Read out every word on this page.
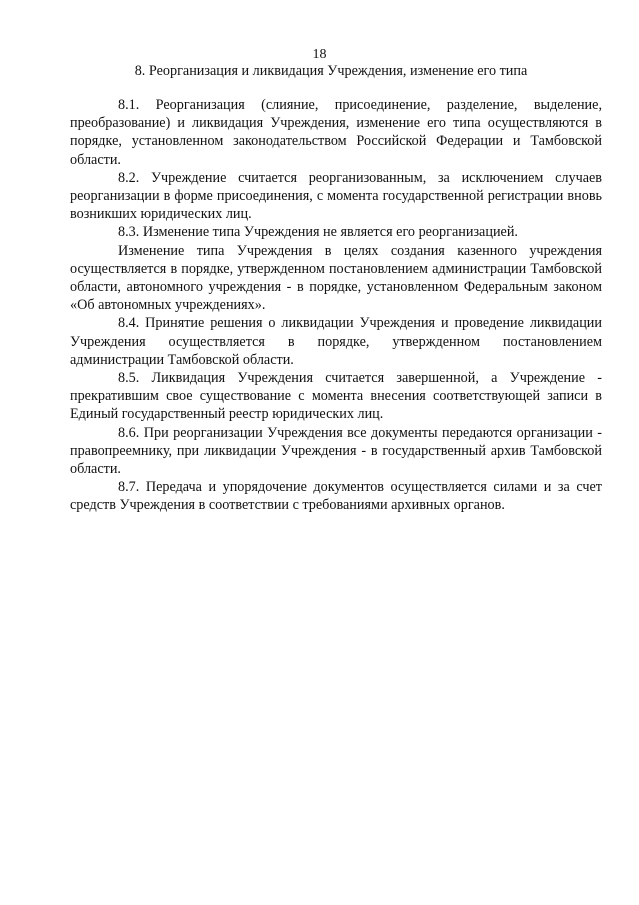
18
8. Реорганизация и ликвидация Учреждения, изменение его типа

8.1. Реорганизация (слияние, присоединение, разделение, выделение, преобразование) и ликвидация Учреждения, изменение его типа осуществляются в порядке, установленном законодательством Российской Федерации и Тамбовской области.

8.2. Учреждение считается реорганизованным, за исключением случаев реорганизации в форме присоединения, с момента государственной регистрации вновь возникших юридических лиц.

8.3. Изменение типа Учреждения не является его реорганизацией.

Изменение типа Учреждения в целях создания казенного учреждения осуществляется в порядке, утвержденном постановлением администрации Тамбовской области, автономного учреждения - в порядке, установленном Федеральным законом «Об автономных учреждениях».

8.4. Принятие решения о ликвидации Учреждения и проведение ликвидации Учреждения осуществляется в порядке, утвержденном постановлением администрации Тамбовской области.

8.5. Ликвидация Учреждения считается завершенной, а Учреждение - прекратившим свое существование с момента внесения соответствующей записи в Единый государственный реестр юридических лиц.

8.6. При реорганизации Учреждения все документы передаются организации - правопреемнику, при ликвидации Учреждения - в государственный архив Тамбовской области.

8.7. Передача и упорядочение документов осуществляется силами и за счет средств Учреждения в соответствии с требованиями архивных органов.
